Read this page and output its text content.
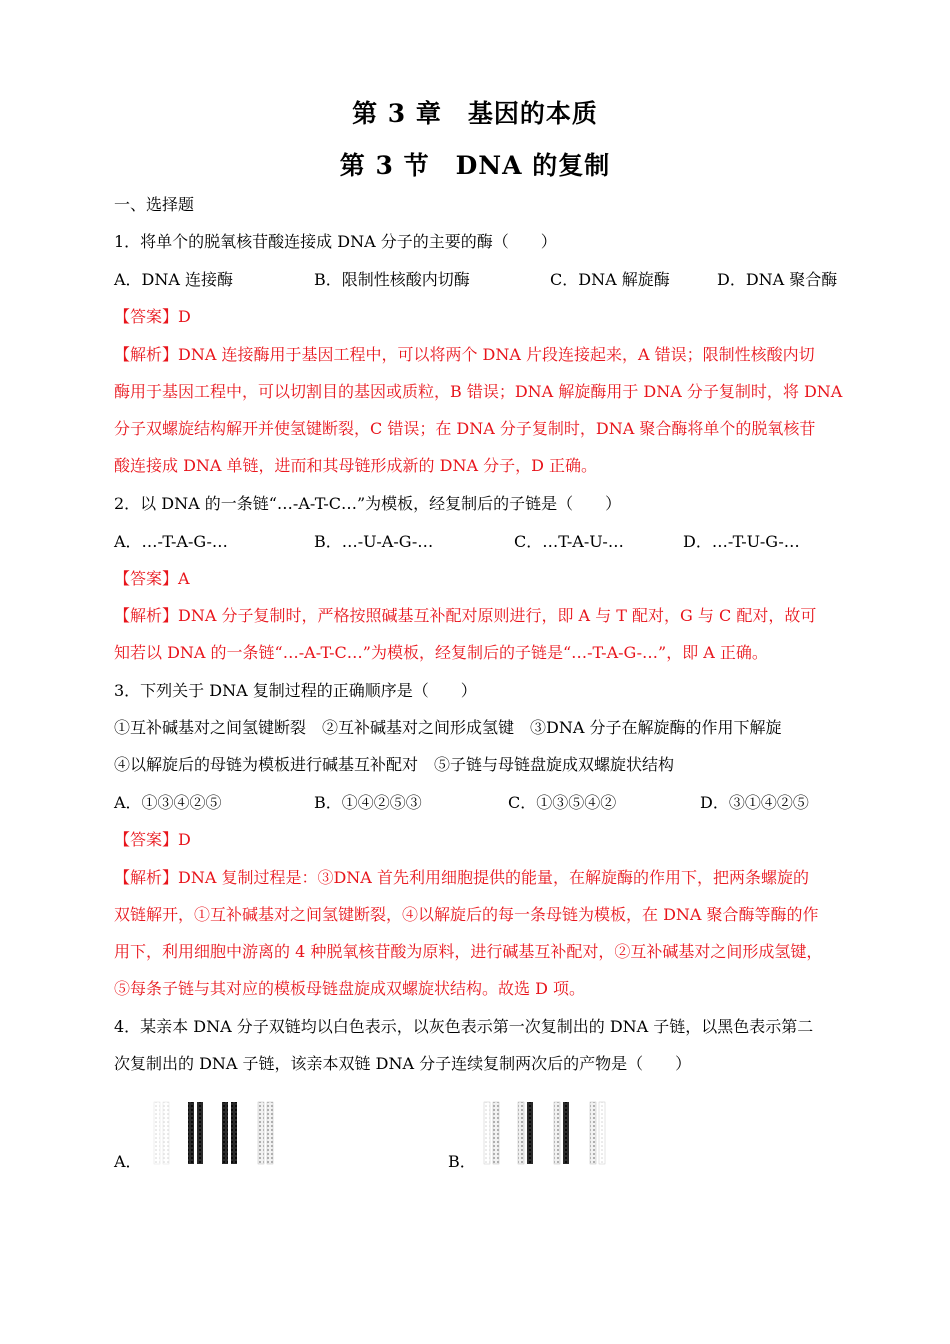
第 3 章　基因的本质
第 3 节　DNA 的复制
一、选择题
1．将单个的脱氧核苷酸连接成 DNA 分子的主要的酶（　　）
A．DNA 连接酶	B．限制性核酸内切酶	C．DNA 解旋酶	D．DNA 聚合酶
【答案】D
【解析】DNA 连接酶用于基因工程中，可以将两个 DNA 片段连接起来，A 错误；限制性核酸内切
酶用于基因工程中，可以切割目的基因或质粒，B 错误；DNA 解旋酶用于 DNA 分子复制时，将 DNA
分子双螺旋结构解开并使氢键断裂，C 错误；在 DNA 分子复制时，DNA 聚合酶将单个的脱氧核苷
酸连接成 DNA 单链，进而和其母链形成新的 DNA 分子，D 正确。
2．以 DNA 的一条链“…-A-T-C…”为模板，经复制后的子链是（　　）
A．…-T-A-G-…	B．…-U-A-G-…	C．…T-A-U-…	D．…-T-U-G-…
【答案】A
【解析】DNA 分子复制时，严格按照碱基互补配对原则进行，即 A 与 T 配对，G 与 C 配对，故可
知若以 DNA 的一条链“…-A-T-C…”为模板，经复制后的子链是“…-T-A-G-…”，即 A 正确。
3．下列关于 DNA 复制过程的正确顺序是（　　）
①互补碱基对之间氢键断裂　②互补碱基对之间形成氢键　③DNA 分子在解旋酶的作用下解旋
④以解旋后的母链为模板进行碱基互补配对　⑤子链与母链盘旋成双螺旋状结构
A．①③④②⑤	B．①④②⑤③	C．①③⑤④②	D．③①④②⑤
【答案】D
【解析】DNA 复制过程是：③DNA 首先利用细胞提供的能量，在解旋酶的作用下，把两条螺旋的
双链解开，①互补碱基对之间氢键断裂，④以解旋后的每一条母链为模板，在 DNA 聚合酶等酶的作
用下，利用细胞中游离的 4 种脱氧核苷酸为原料，进行碱基互补配对，②互补碱基对之间形成氢键，
⑤每条子链与其对应的模板母链盘旋成双螺旋状结构。故选 D 项。
4．某亲本 DNA 分子双链均以白色表示，以灰色表示第一次复制出的 DNA 子链，以黑色表示第二
次复制出的 DNA 子链，该亲本双链 DNA 分子连续复制两次后的产物是（　　）
A．	B．
